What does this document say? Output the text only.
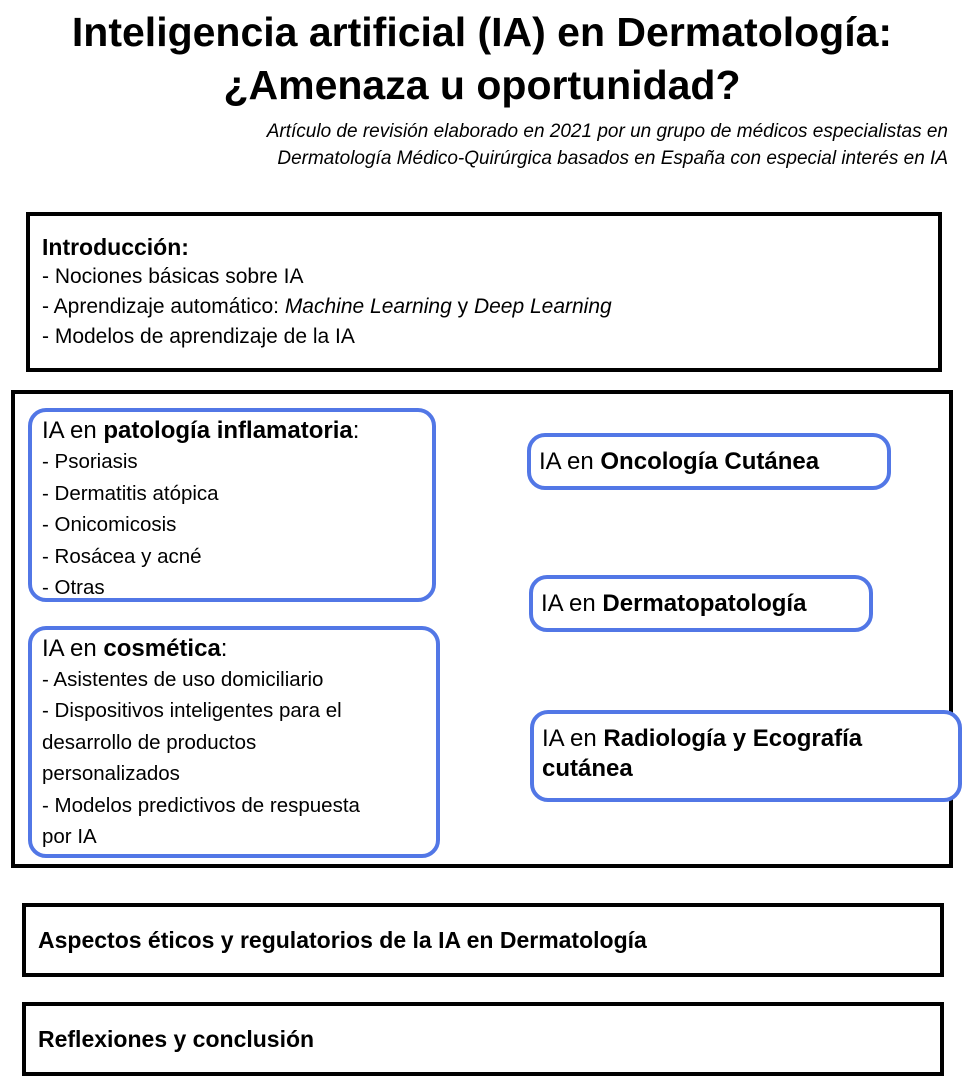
Inteligencia artificial (IA) en Dermatología:
¿Amenaza u oportunidad?
Artículo de revisión elaborado en 2021 por un grupo de médicos especialistas en
Dermatología Médico-Quirúrgica basados en España con especial interés en IA
Introducción:
- Nociones básicas sobre IA
- Aprendizaje automático: Machine Learning y Deep Learning
- Modelos de aprendizaje de la IA
IA en patología inflamatoria:
- Psoriasis
- Dermatitis atópica
- Onicomicosis
- Rosácea y acné
- Otras
IA en cosmética:
- Asistentes de uso domiciliario
- Dispositivos inteligentes para el
desarrollo de productos
personalizados
- Modelos predictivos de respuesta
por IA
IA en Oncología Cutánea
IA en Dermatopatología
IA en Radiología y Ecografía
cutánea
Aspectos éticos y regulatorios de la IA en Dermatología
Reflexiones y conclusión
